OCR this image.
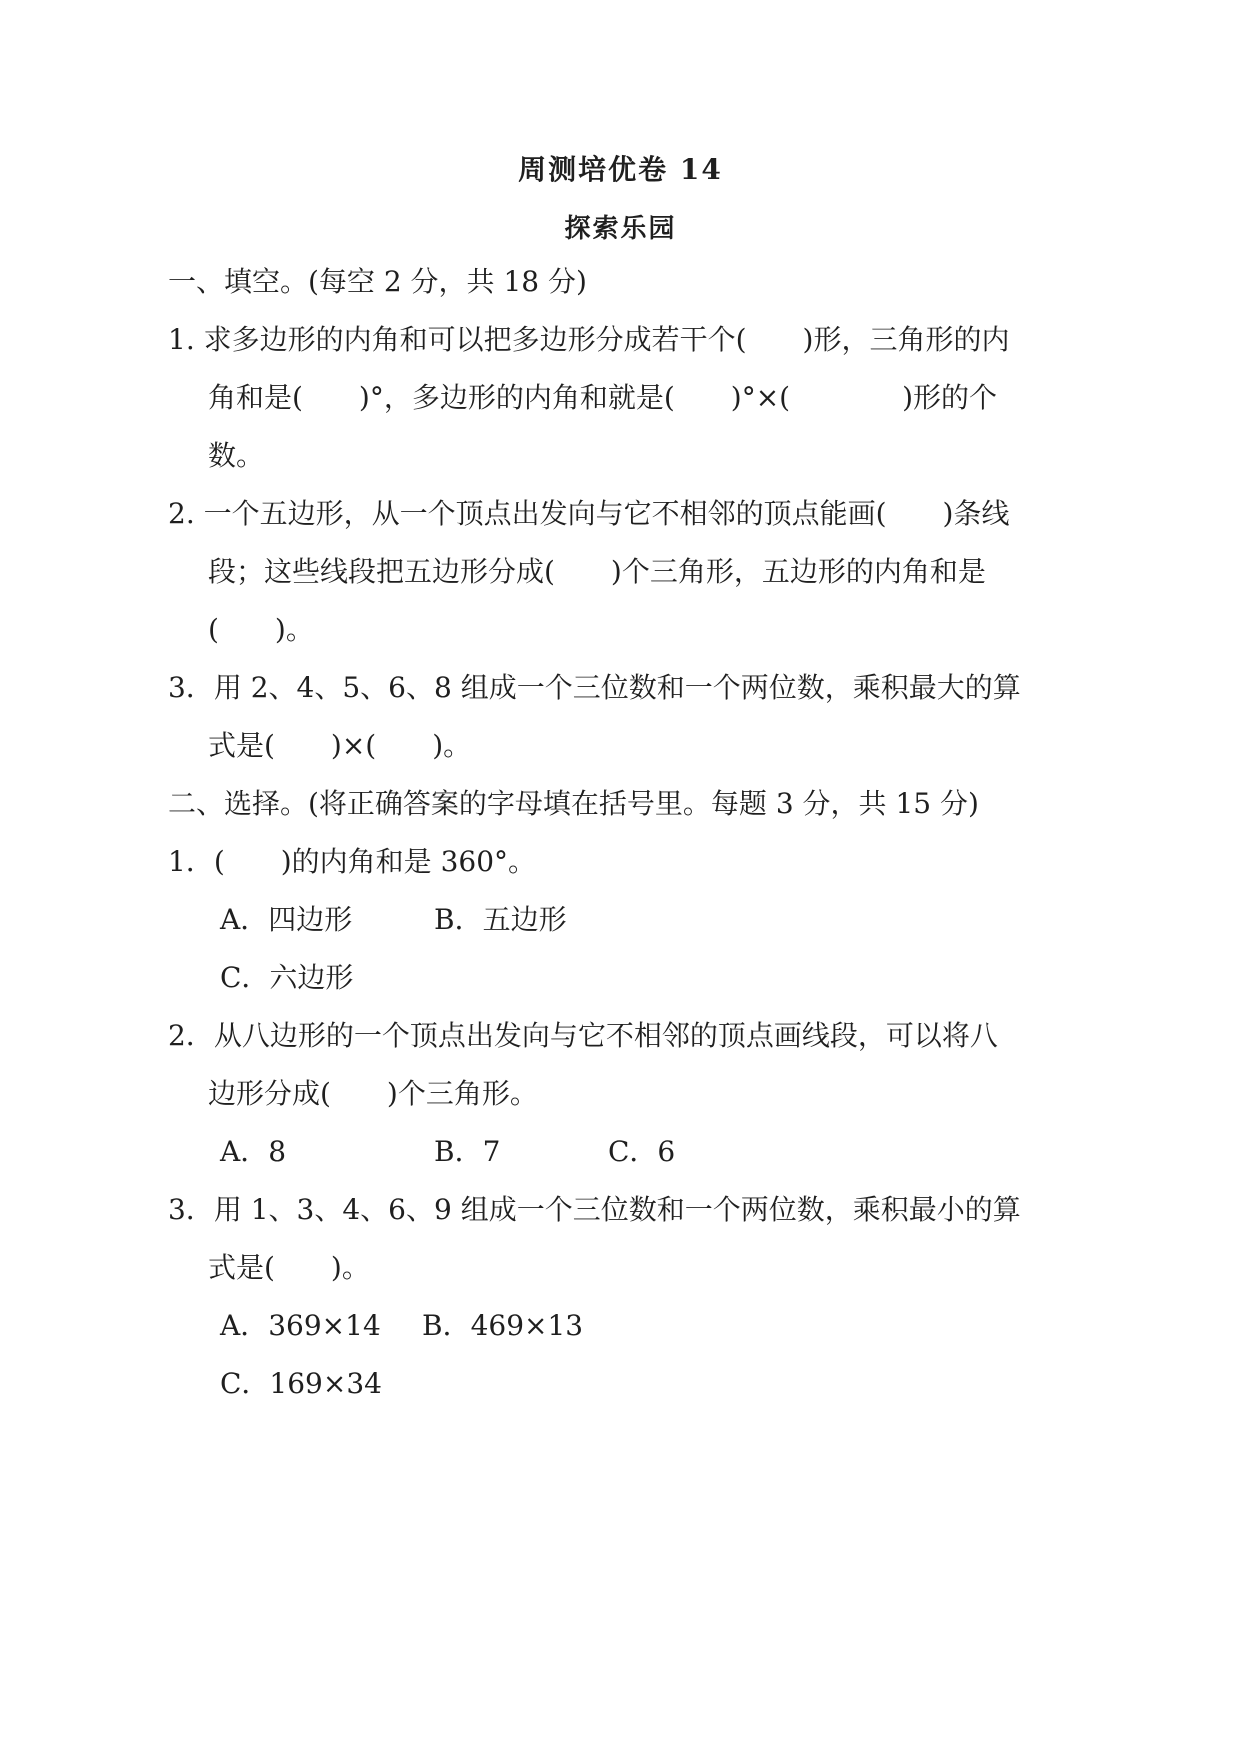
周测培优卷 14
探索乐园
一、填空。(每空 2 分，共 18 分)
1. 求多边形的内角和可以把多边形分成若干个(　　)形，三角形的内
角和是(　　)°，多边形的内角和就是(　　)°×(　　　　)形的个
数。
2. 一个五边形，从一个顶点出发向与它不相邻的顶点能画(　　)条线
段；这些线段把五边形分成(　　)个三角形，五边形的内角和是
(　　)。
3．用 2、4、5、6、8 组成一个三位数和一个两位数，乘积最大的算
式是(　　)×(　　)。
二、选择。(将正确答案的字母填在括号里。每题 3 分，共 15 分)
1．(　　)的内角和是 360°。
A．四边形	B．五边形
C．六边形
2．从八边形的一个顶点出发向与它不相邻的顶点画线段，可以将八
边形分成(　　)个三角形。
A．8	B．7	C．6
3．用 1、3、4、6、9 组成一个三位数和一个两位数，乘积最小的算
式是(　　)。
A．369×14 B．469×13
C．169×34
